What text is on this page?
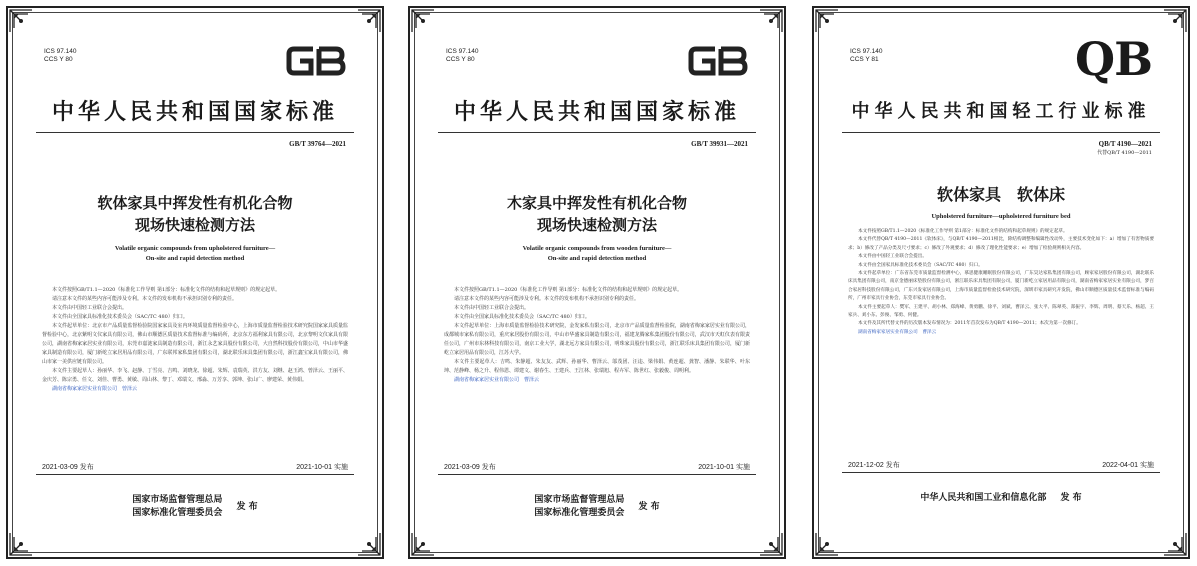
ICS 97.140
CCS Y 80
中华人民共和国国家标准
GB/T 39764—2021
软体家具中挥发性有机化合物
现场快速检测方法
Volatile organic compounds from upholstered furniture—
On-site and rapid detection method

本文件按照GB/T1.1—2020《标准化工作导则 第1部分：标准化文件的结构和起草规则》的规定起草。

请注意本文件的某些内容可能涉及专利。本文件的发布机构不承担识别专利的责任。

本文件由中国轻工业联合会提出。

本文件由全国家具标准化技术委员会（SAC/TC 480）归口。

本文件起草单位：北京市产品质量监督检验院国家家具及室内环境质量监督检验中心，上海市质量监督检验技术研究院国家家具质量监督检验中心，北京紫明文仪家具有限公司，佛山市顺德区质量技术监督标准与编码所，北京东方福利家具有限公司，北京黎明文仪家具有限公司，湖南省梅家家居实业有限公司，东莞市嘉涟家具制造有限公司，浙江永艺家具股份有限公司，大自然科技股份有限公司，中山市华盛家具制造有限公司，厦门新屹立家居用品有限公司，广东联邦家私集团有限公司，湖北联乐床具集团有限公司，浙江鑫宝家具有限公司，佛山市家一美供应链有限公司。

本文件主要起草人：孙丽华、李飞、赵静、丁雪亮、吉鸣、刘晓龙、徐超、朱辉、袁瑞英、洪方友、刘继、赵玉鸿、曾泽云、王丽平、金庆芳、陈宗勇、任文、刘佳、曹勇、黄敏、周山林、黎丁、邓瑞文、邢淼、万芳享、郭坤、张山广、廖建荣、黄伟娟。

湖南省梅家家居实业有限公司　 曾泽云

2021-03-09 发布	2021-10-01 实施
国家市场监督管理总局
国家标准化管理委员会
发 布
ICS 97.140
CCS Y 80
中华人民共和国国家标准
GB/T 39931—2021
木家具中挥发性有机化合物
现场快速检测方法
Volatile organic compounds from wooden furniture—
On-site and rapid detection method

本文件按照GB/T1.1—2020《标准化工作导则 第1部分：标准化文件的结构和起草规则》的规定起草。

请注意本文件的某些内容可能涉及专利。本文件的发布机构不承担识别专利的责任。

本文件由中国轻工业联合会提出。

本文件由全国家具标准化技术委员会（SAC/TC 480）归口。

本文件起草单位：上海市质量监督检验技术研究院，金发家私有限公司，北京市产品质量监督检验院，湖南省梅家家居实业有限公司，成都城市家私有限公司，重庆家居股份有限公司，中山市华盛家具制造有限公司，福建龙腾家私集团股份有限公司，武汉市天虹仪表有限责任公司，广州市东林科技有限公司，南京工业大学，湖北远方家具有限公司，明珠家具股份有限公司，浙江联乐床具集团有限公司，厦门新屹立家居用品有限公司，江苏大学。

本文件主要起草人：吉鸣、朱静超、朱友友、武辉、孙丽华、曹泽云、邬茂团、汪违、梁伟娟、黄连超、龚智、潘静、朱联华、叶东坤、范静峰、杨之升、程伟恩、谭建文、谢春生、王建兵、王江林、张瑞旭、程卉军、陈世红、张毅俊、周明利。

湖南省梅家家居实业有限公司　 曹泽云

2021-03-09 发布	2021-10-01 实施
国家市场监督管理总局
国家标准化管理委员会
发 布
ICS 97.140
CCS Y 81	QB
中华人民共和国轻工行业标准
QB/T 4190—2021
代替QB/T 4190—2011
软体家具　软体床
Upholstered furniture—upholstered furniture bed

本文件按照GB/T1.1—2020《标准化工作导则 第1部分：标准化文件的结构和起草规则》的规定起草。

本文件代替QB/T 4190—2011《软体床》，与QB/T 4190—2011相比，除结构调整和编辑性改动外，主要技术变化如下：a）增加了有害物质要求；b）修改了产品分类及尺寸要求；c）修改了外观要求；d）修改了理化性能要求；e）增加了检验规则相关内容。

本文件由中国轻工业联合会提出。

本文件由全国家具标准化技术委员会（SAC/TC 480）归口。

本文件起草单位：广东省东莞市质量监督检测中心，慕思健康睡眠股份有限公司，广东昊达家私集团有限公司，顾家家居股份有限公司，湖北联乐床具集团有限公司，南京金德丽床垫股份有限公司，浙江联乐床具集团有限公司，厦门新屹立家居用品有限公司，湖南省梅家家居实业有限公司，梦百合家居科技股份有限公司，广东兴发家居有限公司，上海市质量监督检验技术研究院，深圳市家具研究开发院，佛山市顺德区质量技术监督标准与编码所，广州市家具行业协会，东莞市家具行业协会。

本文件主要起草人：樊军、王建平、胡小林、郑海峰、黄勇鹏、徐平、刘斌、曹泽云、张大平、陈翠英、郑振宇、李辉、周明、蔡天乐、杨超、王家兵、刘小东、彭俊、邹勇、何健。

本文件及其所代替文件的历次版本发布情况为：2011年首次发布为QB/T 4190—2011；本次为第一次修订。

湖南省梅家家居实业有限公司　 曹泽云

2021-12-02 发布	2022-04-01 实施
中华人民共和国工业和信息化部 发 布
